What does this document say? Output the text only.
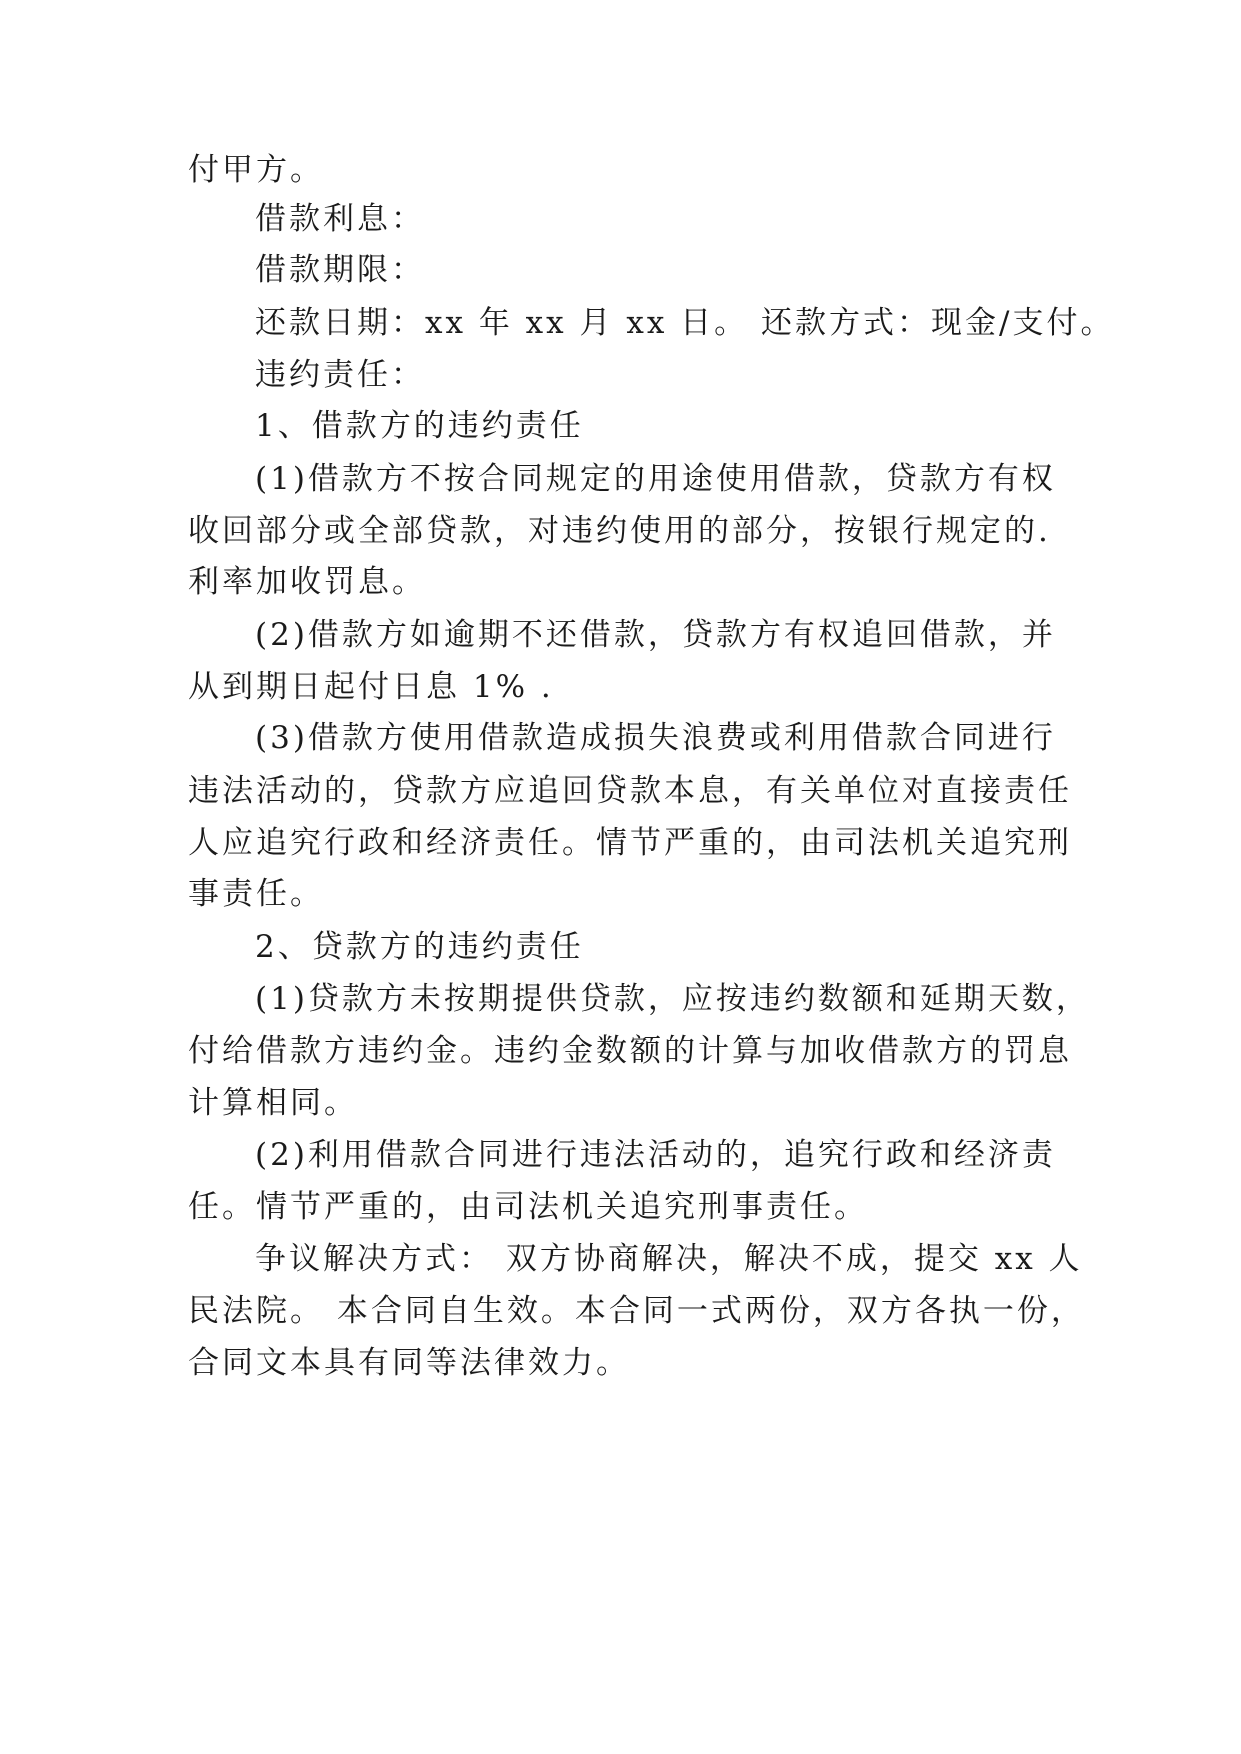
付甲方。
借款利息：
借款期限：
还款日期：xx 年 xx 月 xx 日。 还款方式：现金/支付。
违约责任：
1、借款方的违约责任
(1)借款方不按合同规定的用途使用借款，贷款方有权
收回部分或全部贷款，对违约使用的部分，按银行规定的.
利率加收罚息。
(2)借款方如逾期不还借款，贷款方有权追回借款，并
从到期日起付日息 1% .
(3)借款方使用借款造成损失浪费或利用借款合同进行
违法活动的，贷款方应追回贷款本息，有关单位对直接责任
人应追究行政和经济责任。情节严重的，由司法机关追究刑
事责任。
2、贷款方的违约责任
(1)贷款方未按期提供贷款，应按违约数额和延期天数，
付给借款方违约金。违约金数额的计算与加收借款方的罚息
计算相同。
(2)利用借款合同进行违法活动的，追究行政和经济责
任。情节严重的，由司法机关追究刑事责任。
争议解决方式： 双方协商解决，解决不成，提交 xx 人
民法院。 本合同自生效。本合同一式两份，双方各执一份，
合同文本具有同等法律效力。
